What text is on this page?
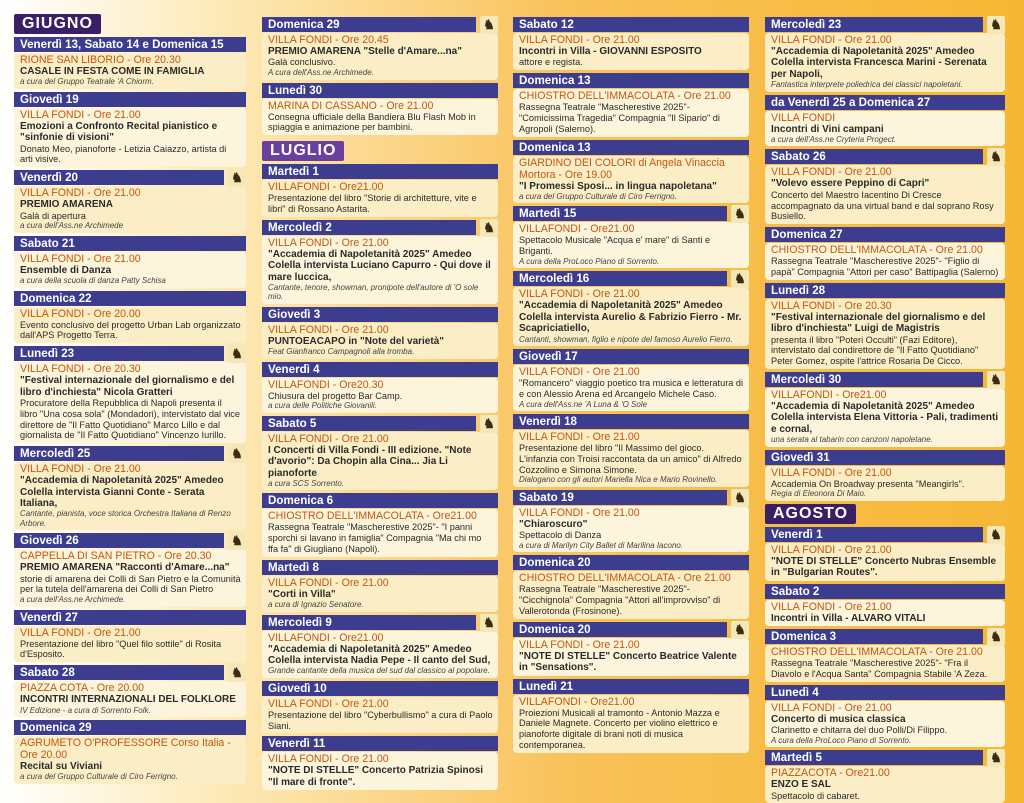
GIUGNO
Venerdì 13, Sabato 14 e Domenica 15
RIONE SAN LIBORIO - Ore 20.30
CASALE IN FESTA COME IN FAMIGLIA
a cura del Gruppo Teatrale 'A Chiorm.
Giovedì 19
VILLA FONDI - Ore 21.00
Emozioni a Confronto Recital pianistico e "sinfonie di visioni"
Donato Meo, pianoforte - Letizia Caiazzo, artista di arti visive.
Venerdì 20	♞
VILLA FONDI - Ore 21.00
PREMIO AMARENA
Galà di apertura
a cura dell'Ass.ne Archimede
Sabato 21
VILLA FONDI - Ore 21.00
Ensemble di Danza
a cura della scuola di danza Patty Schisa
Domenica 22
VILLA FONDI - Ore 20.00
Evento conclusivo del progetto Urban Lab organizzato dall'APS Progetto Terra.
Lunedì 23	♞
VILLA FONDI - Ore 20.30
"Festival internazionale del giornalismo e del libro d'inchiesta" Nicola Gratteri
Procuratore della Repubblica di Napoli presenta il libro "Una cosa sola" (Mondadori), intervistato dal vice direttore de "Il Fatto Quotidiano" Marco Lillo e dal giornalista de "Il Fatto Quotidiano" Vincenzo Iurillo.
Mercoledì 25	♞
VILLA FONDI - Ore 21.00
"Accademia di Napoletanità 2025" Amedeo Colella intervista Gianni Conte - Serata Italiana,
Cantante, pianista, voce storica Orchestra Italiana di Renzo Arbore.
Giovedì 26	♞
CAPPELLA DI SAN PIETRO - Ore 20.30
PREMIO AMARENA "Racconti d'Amare...na"
storie di amarena dei Colli di San Pietro e la Comunità per la tutela dell'amarena dei Colli di San Pietro
a cura dell'Ass.ne Archimede.
Venerdì 27
VILLA FONDI - Ore 21.00
Presentazione del libro "Quel filo sottile" di Rosita d'Esposito.
Sabato 28	♞
PIAZZA COTA - Ore 20.00
INCONTRI INTERNAZIONALI DEL FOLKLORE
IV Edizione - a cura di Sorrento Folk.
Domenica 29
AGRUMETO O'PROFESSORE Corso Italia - Ore 20.00
Recital su Viviani
a cura del Gruppo Culturale di Ciro Ferrigno.
Domenica 29	♞
VILLA FONDI - Ore 20.45
PREMIO AMARENA "Stelle d'Amare...na"
Galà conclusivo.
A cura dell'Ass.ne Archimede.
Lunedì 30
MARINA DI CASSANO - Ore 21.00
Consegna ufficiale della Bandiera Blu Flash Mob in spiaggia e animazione per bambini.
LUGLIO
Martedì 1
VILLAFONDI - Ore21.00
Presentazione del libro "Storie di architetture, vite e libri" di Rossano Astarita.
Mercoledì 2	♞
VILLA FONDI - Ore 21.00
"Accademia di Napoletanità 2025" Amedeo Colella intervista Luciano Capurro - Qui dove il mare luccica,
Cantante, tenore, showman, pronipote dell'autore di 'O sole mio.
Giovedì 3
VILLA FONDI - Ore 21.00
PUNTOEACAPO in "Note del varietà"
Feat Gianfranco Campagnoli alla tromba.
Venerdì 4
VILLAFONDI - Ore20.30
Chiusura del progetto Bar Camp.
a cura delle Politiche Giovanili.
Sabato 5	♞
VILLA FONDI - Ore 21.00
I Concerti di Villa Fondi - III edizione. "Note d'avorio": Da Chopin alla Cina... Jia Li pianoforte
a cura SCS Sorrento.
Domenica 6
CHIOSTRO DELL'IMMACOLATA - Ore21.00
Rassegna Teatrale "Mascherestive 2025"- "I panni sporchi si lavano in famiglia" Compagnia "Ma chi mo ffa fa" di Giugliano (Napoli).
Martedì 8
VILLA FONDI - Ore 21.00
"Corti in Villa"
a cura di Ignazio Senatore.
Mercoledì 9	♞
VILLAFONDI - Ore21.00
"Accademia di Napoletanità 2025" Amedeo Colella intervista Nadia Pepe - Il canto del Sud,
Grande cantante della musica del sud dal classico al popolare.
Giovedì 10
VILLA FONDI - Ore 21.00
Presentazione del libro "Cyberbullismo" a cura di Paolo Siani.
Venerdì 11
VILLA FONDI - Ore 21.00
"NOTE DI STELLE" Concerto Patrizia Spinosi "Il mare di fronte".
Sabato 12
VILLA FONDI - Ore 21.00
Incontri in Villa - GIOVANNI ESPOSITO
attore e regista.
Domenica 13
CHIOSTRO DELL'IMMACOLATA - Ore 21.00
Rassegna Teatrale "Mascherestive 2025"- "Comicissima Tragedia" Compagnia "Il Sipario" di Agropoli (Salerno).
Domenica 13
GIARDINO DEI COLORI di Angela Vinaccia Mortora - Ore 19.00
"I Promessi Sposi... in lingua napoletana"
a cura del Gruppo Culturale di Ciro Ferrigno.
Martedì 15	♞
VILLAFONDI - Ore21.00
Spettacolo Musicale "Acqua e' mare" di Santi e Briganti.
A cura della ProLoco Piano di Sorrento.
Mercoledì 16	♞
VILLA FONDI - Ore 21.00
"Accademia di Napoletanità 2025" Amedeo Colella intervista Aurelio & Fabrizio Fierro - Mr. Scapriciatiello,
Cantanti, showman, figlio e nipote del famoso Aurelio Fierro.
Giovedì 17
VILLA FONDI - Ore 21.00
"Romancero" viaggio poetico tra musica e letteratura di e con Alessio Arena ed Arcangelo Michele Caso.
A cura dell'Ass.ne 'A Luna & 'O Sole
Venerdì 18
VILLA FONDI - Ore 21.00
Presentazione del libro "Il Massimo del gioco. L'infanzia con Troisi raccontata da un amico" di Alfredo Cozzolino e Simona Simone.
Dialogano con gli autori Mariella Nica e Mario Rovinello.
Sabato 19	♞
VILLA FONDI - Ore 21.00
"Chiaroscuro"
Spettacolo di Danza
a cura di Marilyn City Ballet di Marilina Iacono.
Domenica 20
CHIOSTRO DELL'IMMACOLATA - Ore 21.00
Rassegna Teatrale "Mascherestive 2025"- "Cicchignola" Compagnia "Attori all'improvviso" di Vallerotonda (Frosinone).
Domenica 20	♞
VILLA FONDI - Ore 21.00
"NOTE DI STELLE" Concerto Beatrice Valente in "Sensations".
Lunedì 21
VILLAFONDI - Ore21.00
Proiezioni Musicali al tramonto - Antonio Mazza e Daniele Magnete. Concerto per violino elettrico e pianoforte digitale di brani noti di musica contemporanea.
Mercoledì 23	♞
VILLA FONDI - Ore 21.00
"Accademia di Napoletanità 2025" Amedeo Colella intervista Francesca Marini - Serenata per Napoli,
Fantastica interprete poliedrica dei classici napoletani.
da Venerdì 25 a Domenica 27
VILLA FONDI
Incontri di Vini campani
a cura dell'Ass.ne Cryteria Progect.
Sabato 26	♞
VILLA FONDI - Ore 21.00
"Volevo essere Peppino di Capri"
Concerto del Maestro Iacentino Di Cresce accompagnato da una virtual band e dal soprano Rosy Busiello.
Domenica 27
CHIOSTRO DELL'IMMACOLATA - Ore 21.00
Rassegna Teatrale "Mascherestive 2025"- "Figlio di papà" Compagnia "Attori per caso" Battipaglia (Salerno)
Lunedì 28
VILLA FONDI - Ore 20.30
"Festival internazionale del giornalismo e del libro d'inchiesta" Luigi de Magistris
presenta il libro "Poteri Occulti" (Fazi Editore), intervistato dal condirettore de "Il Fatto Quotidiano" Peter Gomez, ospite l'attrice Rosaria De Cicco.
Mercoledì 30	♞
VILLAFONDI - Ore21.00
"Accademia di Napoletanità 2025" Amedeo Colella intervista Elena Vittoria - Pali, tradimenti e cornal,
una serata al tabarin con canzoni napoletane.
Giovedì 31
VILLA FONDI - Ore 21.00
Accademia On Broadway presenta "Meangirls".
Regia di Eleonora Di Maio.
AGOSTO
Venerdì 1	♞
VILLA FONDI - Ore 21.00
"NOTE DI STELLE" Concerto Nubras Ensemble in "Bulgarian Routes".
Sabato 2
VILLA FONDI - Ore 21.00
Incontri in Villa - ALVARO VITALI
Domenica 3	♞
CHIOSTRO DELL'IMMACOLATA - Ore 21.00
Rassegna Teatrale "Mascherestive 2025"- "Fra il Diavolo e l'Acqua Santa" Compagnia Stabile 'A Zeza.
Lunedì 4
VILLA FONDI - Ore 21.00
Concerto di musica classica
Clarinetto e chitarra del duo Polli/Di Filippo.
A cura della ProLoco Piano di Sorrento.
Martedì 5	♞
PIAZZACOTA - Ore21.00
ENZO E SAL
Spettacolo di cabaret.
